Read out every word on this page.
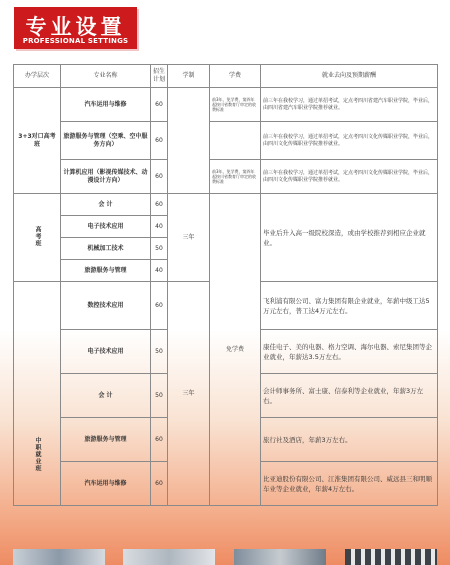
专业设置
PROFESSIONAL SETTINGS
办学层次	专业名称	招生计划	学制	学费	就业去向及预期薪酬
3+3对口高考班	汽车运用与维修	60		前3年，免学费，第四年起按川省教育厅审定的收费标准	前三年在我校学习，通过单招考试，定点考四川省建汽车职业学院，毕业后，由四川省建汽车职业学院推荐就业。
	旅游服务与管理（空乘、空中服务方向）	60			前三年在我校学习，通过单招考试，定点考四川文化传媒职业学院，毕业后，由四川文化传媒职业学院推荐就业。
	计算机应用（影视传媒技术、动漫设计方向）	60		前3年，免学费，第四年起按川省教育厅审定的收费标准	前三年在我校学习，通过单招考试，定点考四川文化传媒职业学院，毕业后，由四川文化传媒职业学院推荐就业。
高考班	会 计	60	三年	免学费	毕业后升入高一级院校深造，或由学校推荐到相应企业就业。
	电子技术应用	40			
	机械加工技术	50			
	旅游服务与管理	40			
中职就业班	数控技术应用	60	三年		飞利浦有限公司、富力集团有限企业就业，年薪中级工达5万元左右，普工达4万元左右。
	电子技术应用	50			康佳电子、美的电器、格力空调、海尔电器、索尼集团等企业就业，年薪达3.5万左右。
	会 计	50			会计师事务所、富士康、信泰利等企业就业，年薪3万左右。
	旅游服务与管理	60			旅行社及酒店，年薪3万左右。
	汽车运用与维修	60			比亚迪股份有限公司、江淮集团有限公司、威远县三和明顺车业等企业就业，年薪4万左右。
